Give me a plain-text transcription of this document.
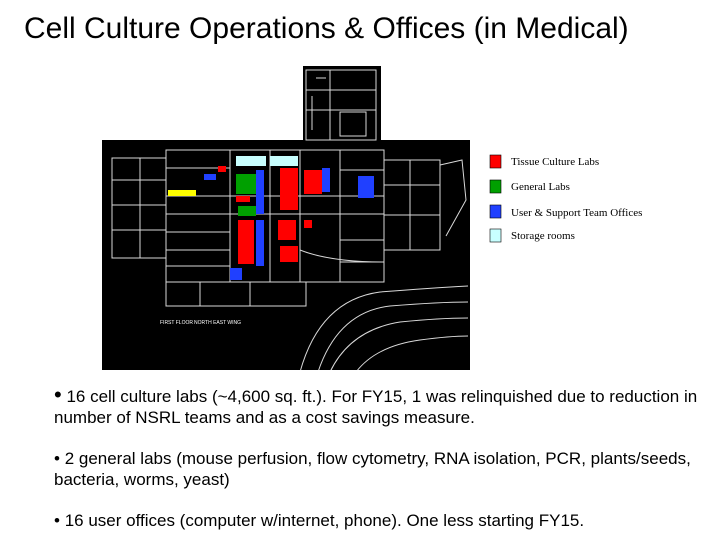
Cell Culture Operations & Offices (in Medical)
FIRST FLOOR NORTH EAST WING
Tissue Culture Labs
General Labs
User & Support Team Offices
Storage rooms

• 16 cell culture labs (~4,600 sq. ft.). For FY15, 1 was relinquished due to reduction in number of NSRL teams and as a cost savings measure.

• 2 general labs (mouse perfusion, flow cytometry, RNA isolation, PCR, plants/seeds, bacteria, worms, yeast)

• 16 user offices (computer w/internet, phone). One less starting FY15.
